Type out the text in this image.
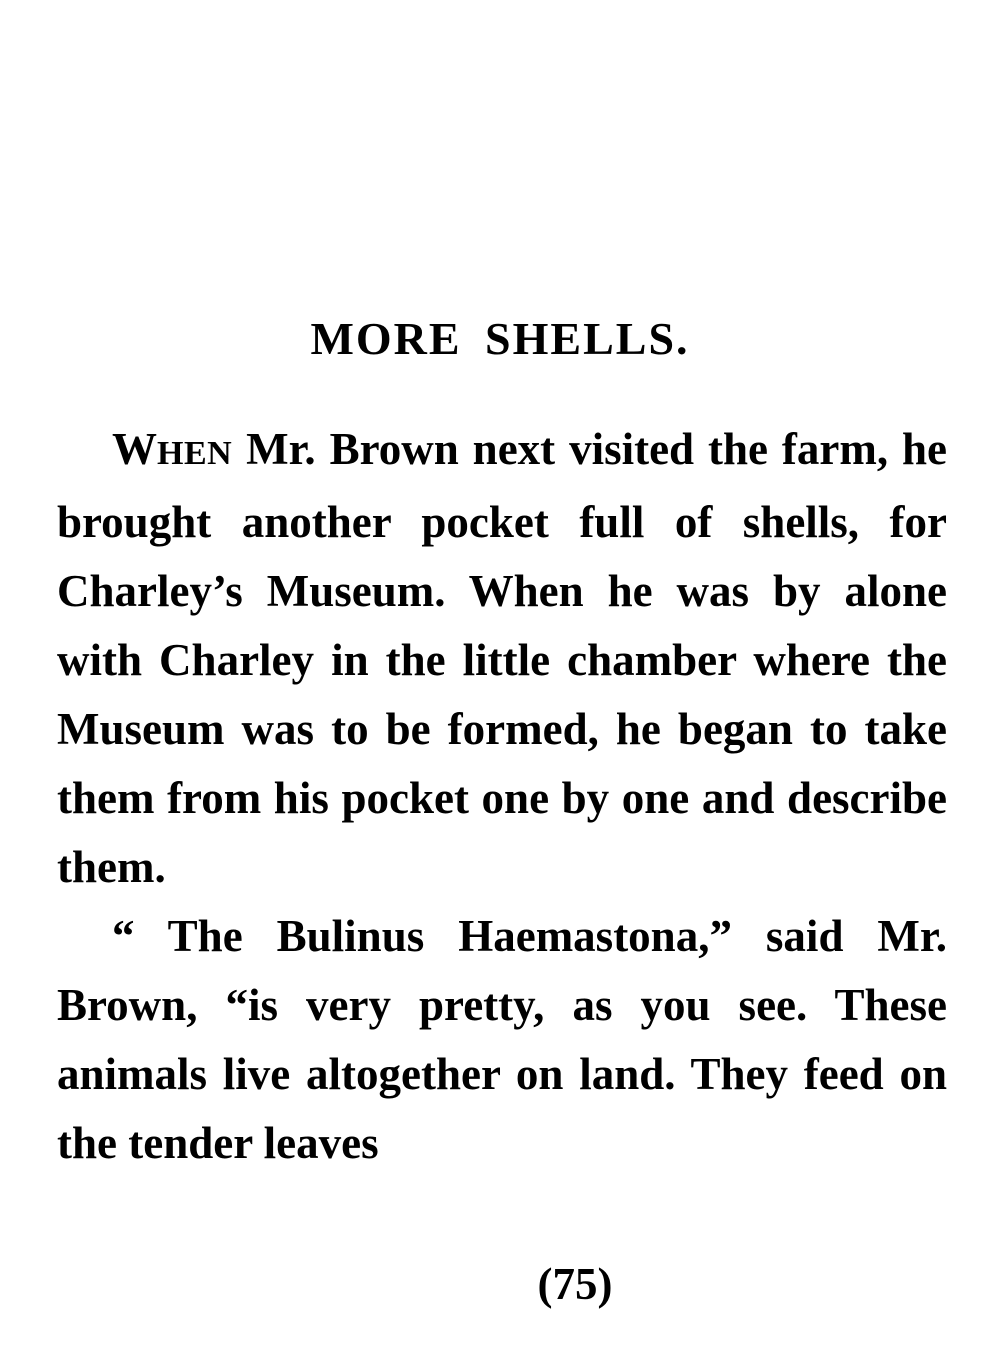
MORE SHELLS.

WHEN Mr. Brown next visited the farm, he brought another pocket full of shells, for Charley’s Museum. When he was by alone with Charley in the little chamber where the Museum was to be formed, he began to take them from his pocket one by one and describe them.

“ The Bulinus Haemastona,” said Mr. Brown, “is very pretty, as you see. These animals live altogether on land. They feed on the tender leaves

(75)
